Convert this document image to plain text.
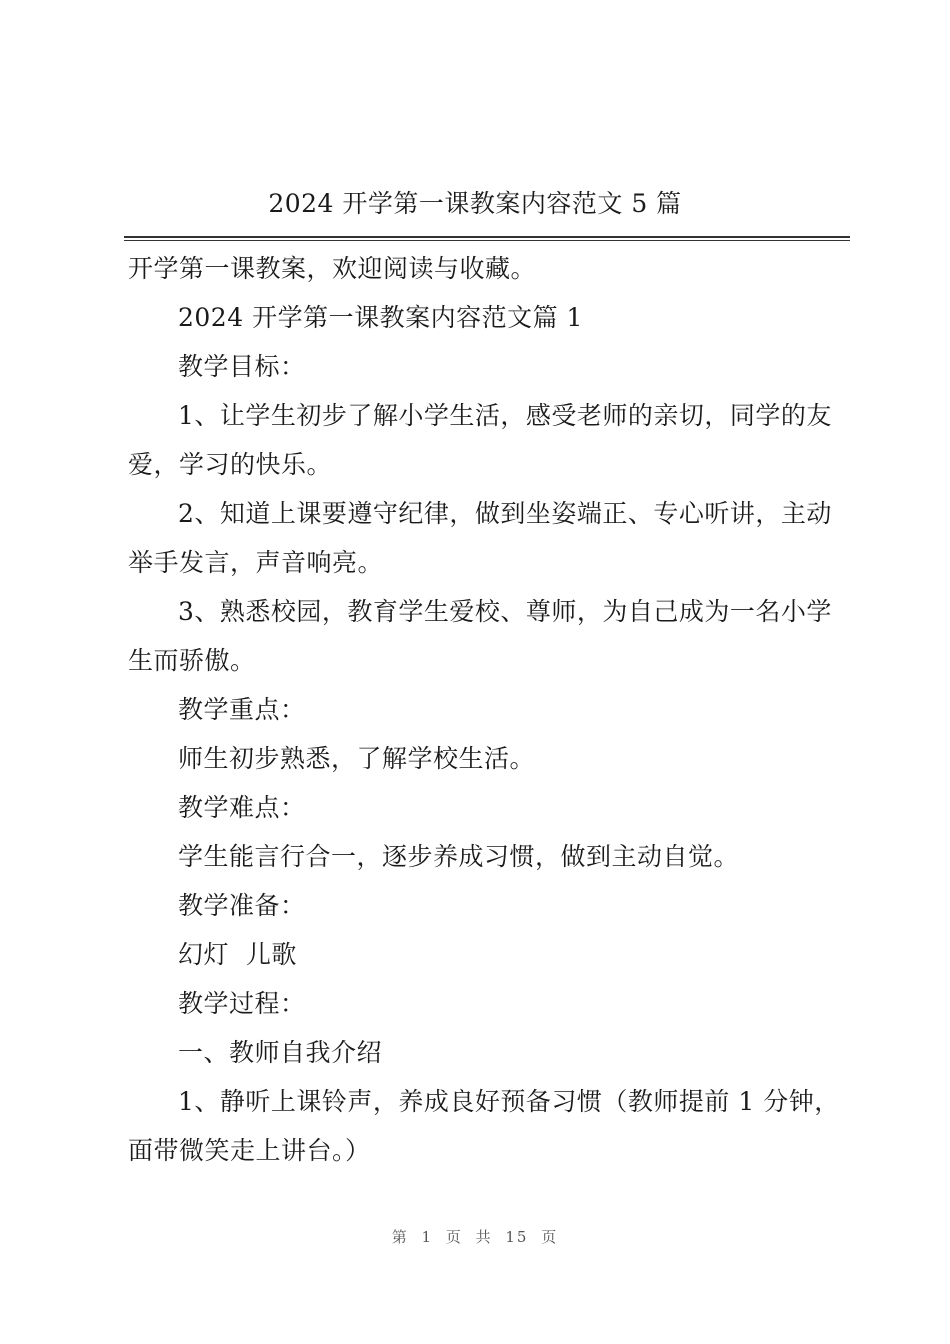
2024 开学第一课教案内容范文 5 篇
开学第一课教案，欢迎阅读与收藏。
2024 开学第一课教案内容范文篇 1
教学目标：
1、让学生初步了解小学生活，感受老师的亲切，同学的友爱，学习的快乐。
2、知道上课要遵守纪律，做到坐姿端正、专心听讲，主动举手发言，声音响亮。
3、熟悉校园，教育学生爱校、尊师，为自己成为一名小学生而骄傲。
教学重点：
师生初步熟悉，了解学校生活。
教学难点：
学生能言行合一，逐步养成习惯，做到主动自觉。
教学准备：
幻灯  儿歌
教学过程：
一、教师自我介绍
1、静听上课铃声，养成良好预备习惯（教师提前 1 分钟，面带微笑走上讲台。）
第 1 页 共 15 页
